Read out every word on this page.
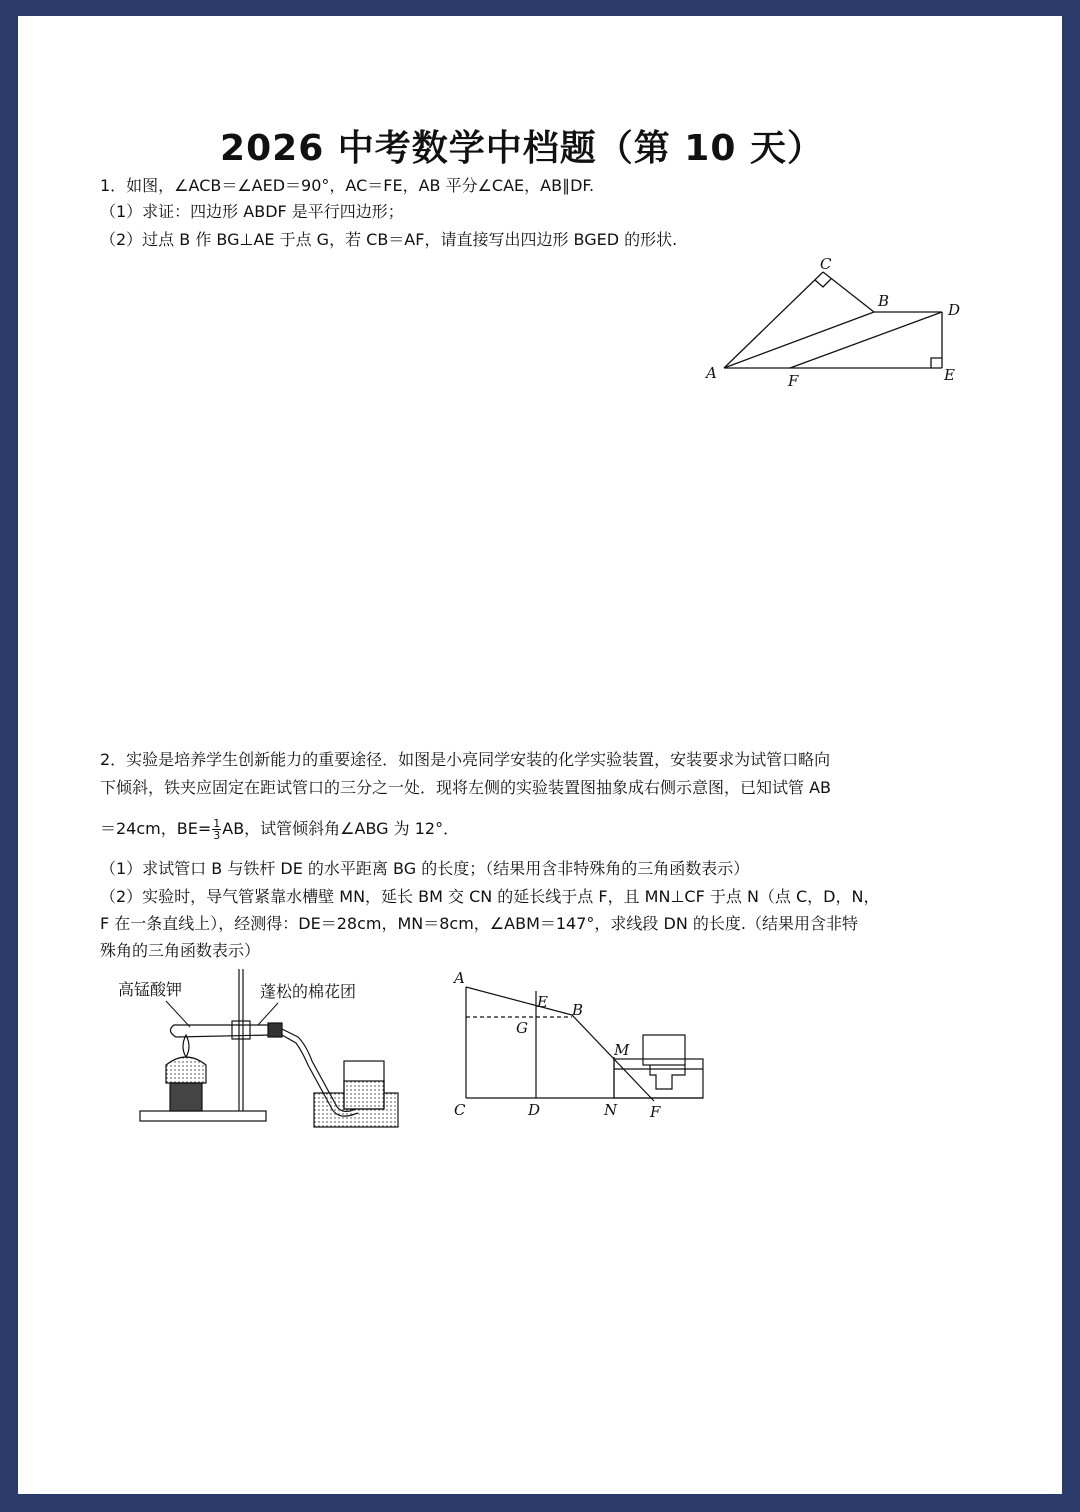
2026 中考数学中档题（第 10 天）
1．如图，∠ACB＝∠AED＝90°，AC＝FE，AB 平分∠CAE，AB∥DF.
（1）求证：四边形 ABDF 是平行四边形；
（2）过点 B 作 BG⊥AE 于点 G，若 CB＝AF，请直接写出四边形 BGED 的形状.
A
C
B	D
E
F
2．实验是培养学生创新能力的重要途径．如图是小亮同学安装的化学实验装置，安装要求为试管口略向
下倾斜，铁夹应固定在距试管口的三分之一处．现将左侧的实验装置图抽象成右侧示意图，已知试管 AB
＝24cm，$BE= \frac{1}{3}$ AB，试管倾斜角∠ABG 为 12°．
（1）求试管口 B 与铁杆 DE 的水平距离 BG 的长度；（结果用含非特殊角的三角函数表示）
（2）实验时，导气管紧靠水槽壁 MN，延长 BM 交 CN 的延长线于点 F，且 MN⊥CF 于点 N（点 C，D，N，
F 在一条直线上），经测得：DE＝28cm，MN＝8cm，∠ABM＝147°，求线段 DN 的长度.（结果用含非特
殊角的三角函数表示）
高锰酸钾	蓬松的棉花团
A
E B
G
M
C	D	N F
